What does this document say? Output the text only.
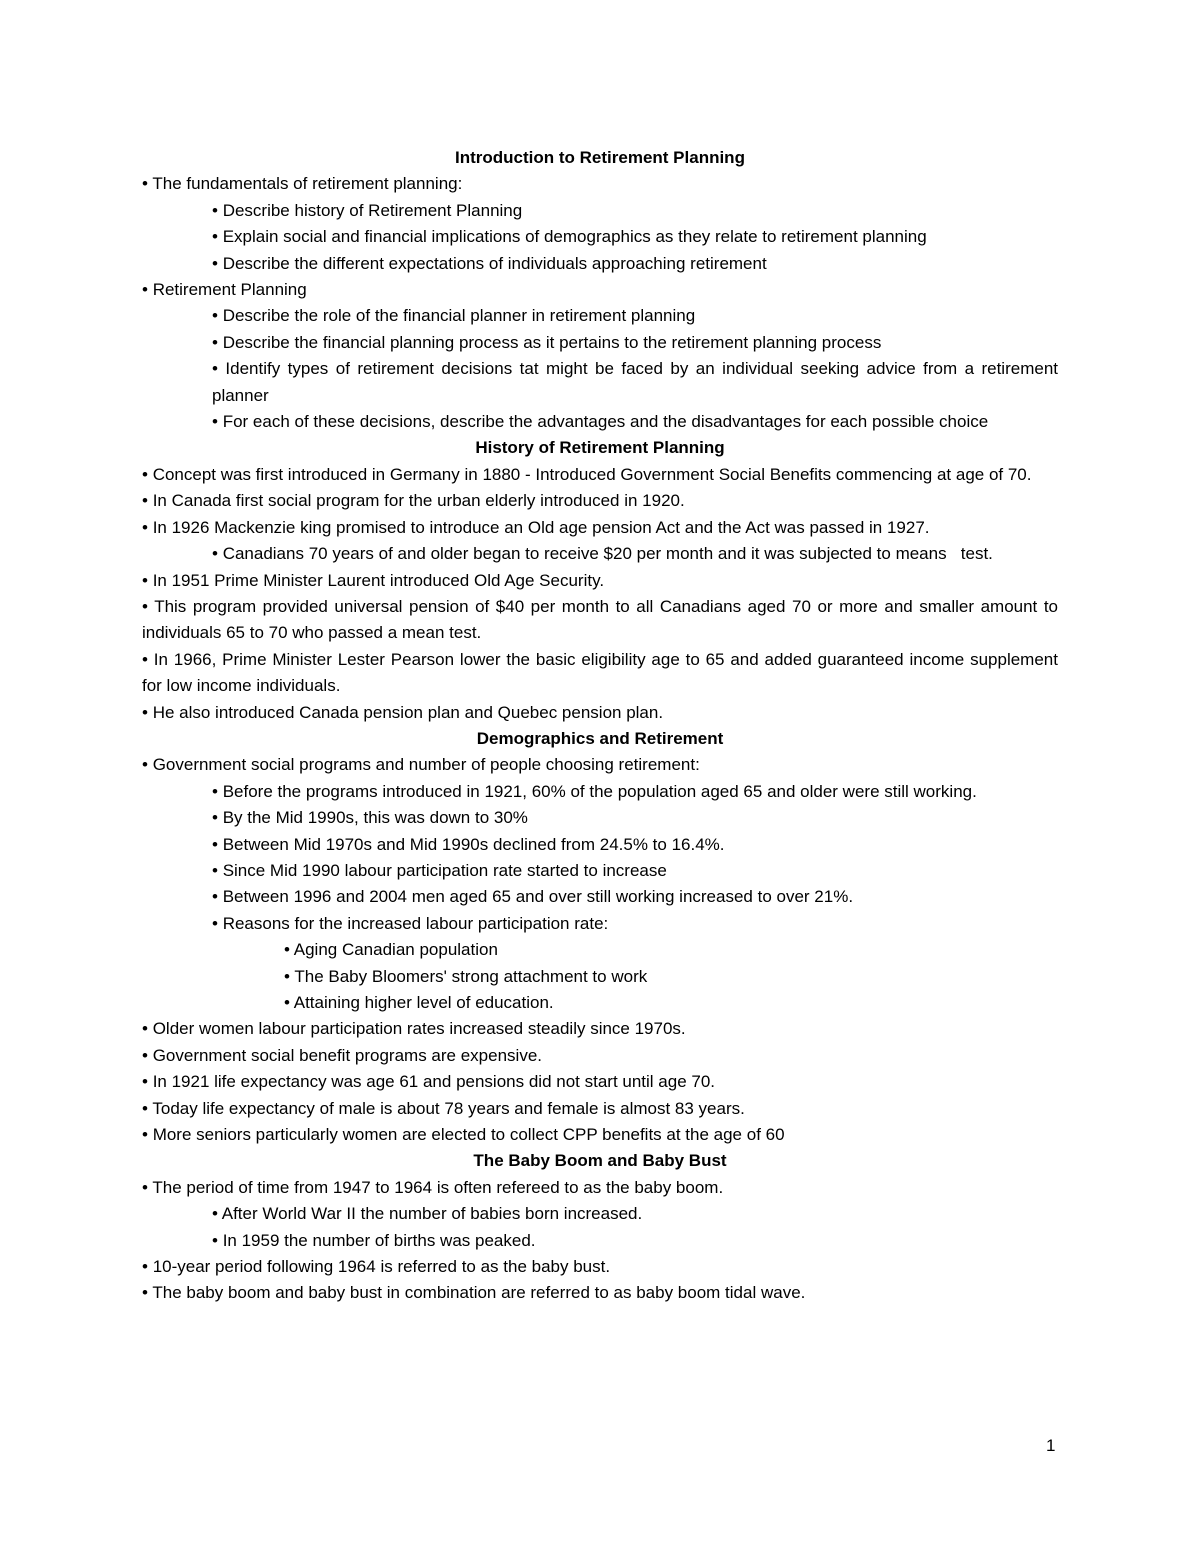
Introduction to Retirement Planning
• The fundamentals of retirement planning:
• Describe history of Retirement Planning
• Explain social and financial implications of demographics as they relate to retirement planning
• Describe the different expectations of individuals approaching retirement
• Retirement Planning
• Describe the role of the financial planner in retirement planning
• Describe the financial planning process as it pertains to the retirement planning process
• Identify types of retirement decisions tat might be faced by an individual seeking advice from a retirement planner
• For each of these decisions, describe the advantages and the disadvantages for each possible choice
History of Retirement Planning
• Concept was first introduced in Germany in 1880 - Introduced Government Social Benefits commencing at age of 70.
• In Canada first social program for the urban elderly introduced in 1920.
• In 1926 Mackenzie king promised to introduce an Old age pension Act and the Act was passed in 1927.
• Canadians 70 years of and older began to receive $20 per month and it was subjected to means   test.
• In 1951 Prime Minister Laurent introduced Old Age Security.
• This program provided universal pension of $40 per month to all Canadians aged 70 or more and smaller amount to individuals 65 to 70 who passed a mean test.
• In 1966, Prime Minister Lester Pearson lower the basic eligibility age to 65 and added guaranteed income supplement for low income individuals.
• He also introduced Canada pension plan and Quebec pension plan.
Demographics and Retirement
• Government social programs and number of people choosing retirement:
• Before the programs introduced in 1921, 60% of the population aged 65 and older were still working.
• By the Mid 1990s, this was down to 30%
• Between Mid 1970s and Mid 1990s declined from 24.5% to 16.4%.
• Since Mid 1990 labour participation rate started to increase
• Between 1996 and 2004 men aged 65 and over still working increased to over 21%.
• Reasons for the increased labour participation rate:
• Aging Canadian population
• The Baby Bloomers' strong attachment to work
• Attaining higher level of education.
• Older women labour participation rates increased steadily since 1970s.
• Government social benefit programs are expensive.
• In 1921 life expectancy was age 61 and pensions did not start until age 70.
• Today life expectancy of male is about 78 years and female is almost 83 years.
• More seniors particularly women are elected to collect CPP benefits at the age of 60
The Baby Boom and Baby Bust
• The period of time from 1947 to 1964 is often refereed to as the baby boom.
• After World War II the number of babies born increased.
• In 1959 the number of births was peaked.
• 10-year period following 1964 is referred to as the baby bust.
• The baby boom and baby bust in combination are referred to as baby boom tidal wave.
1
